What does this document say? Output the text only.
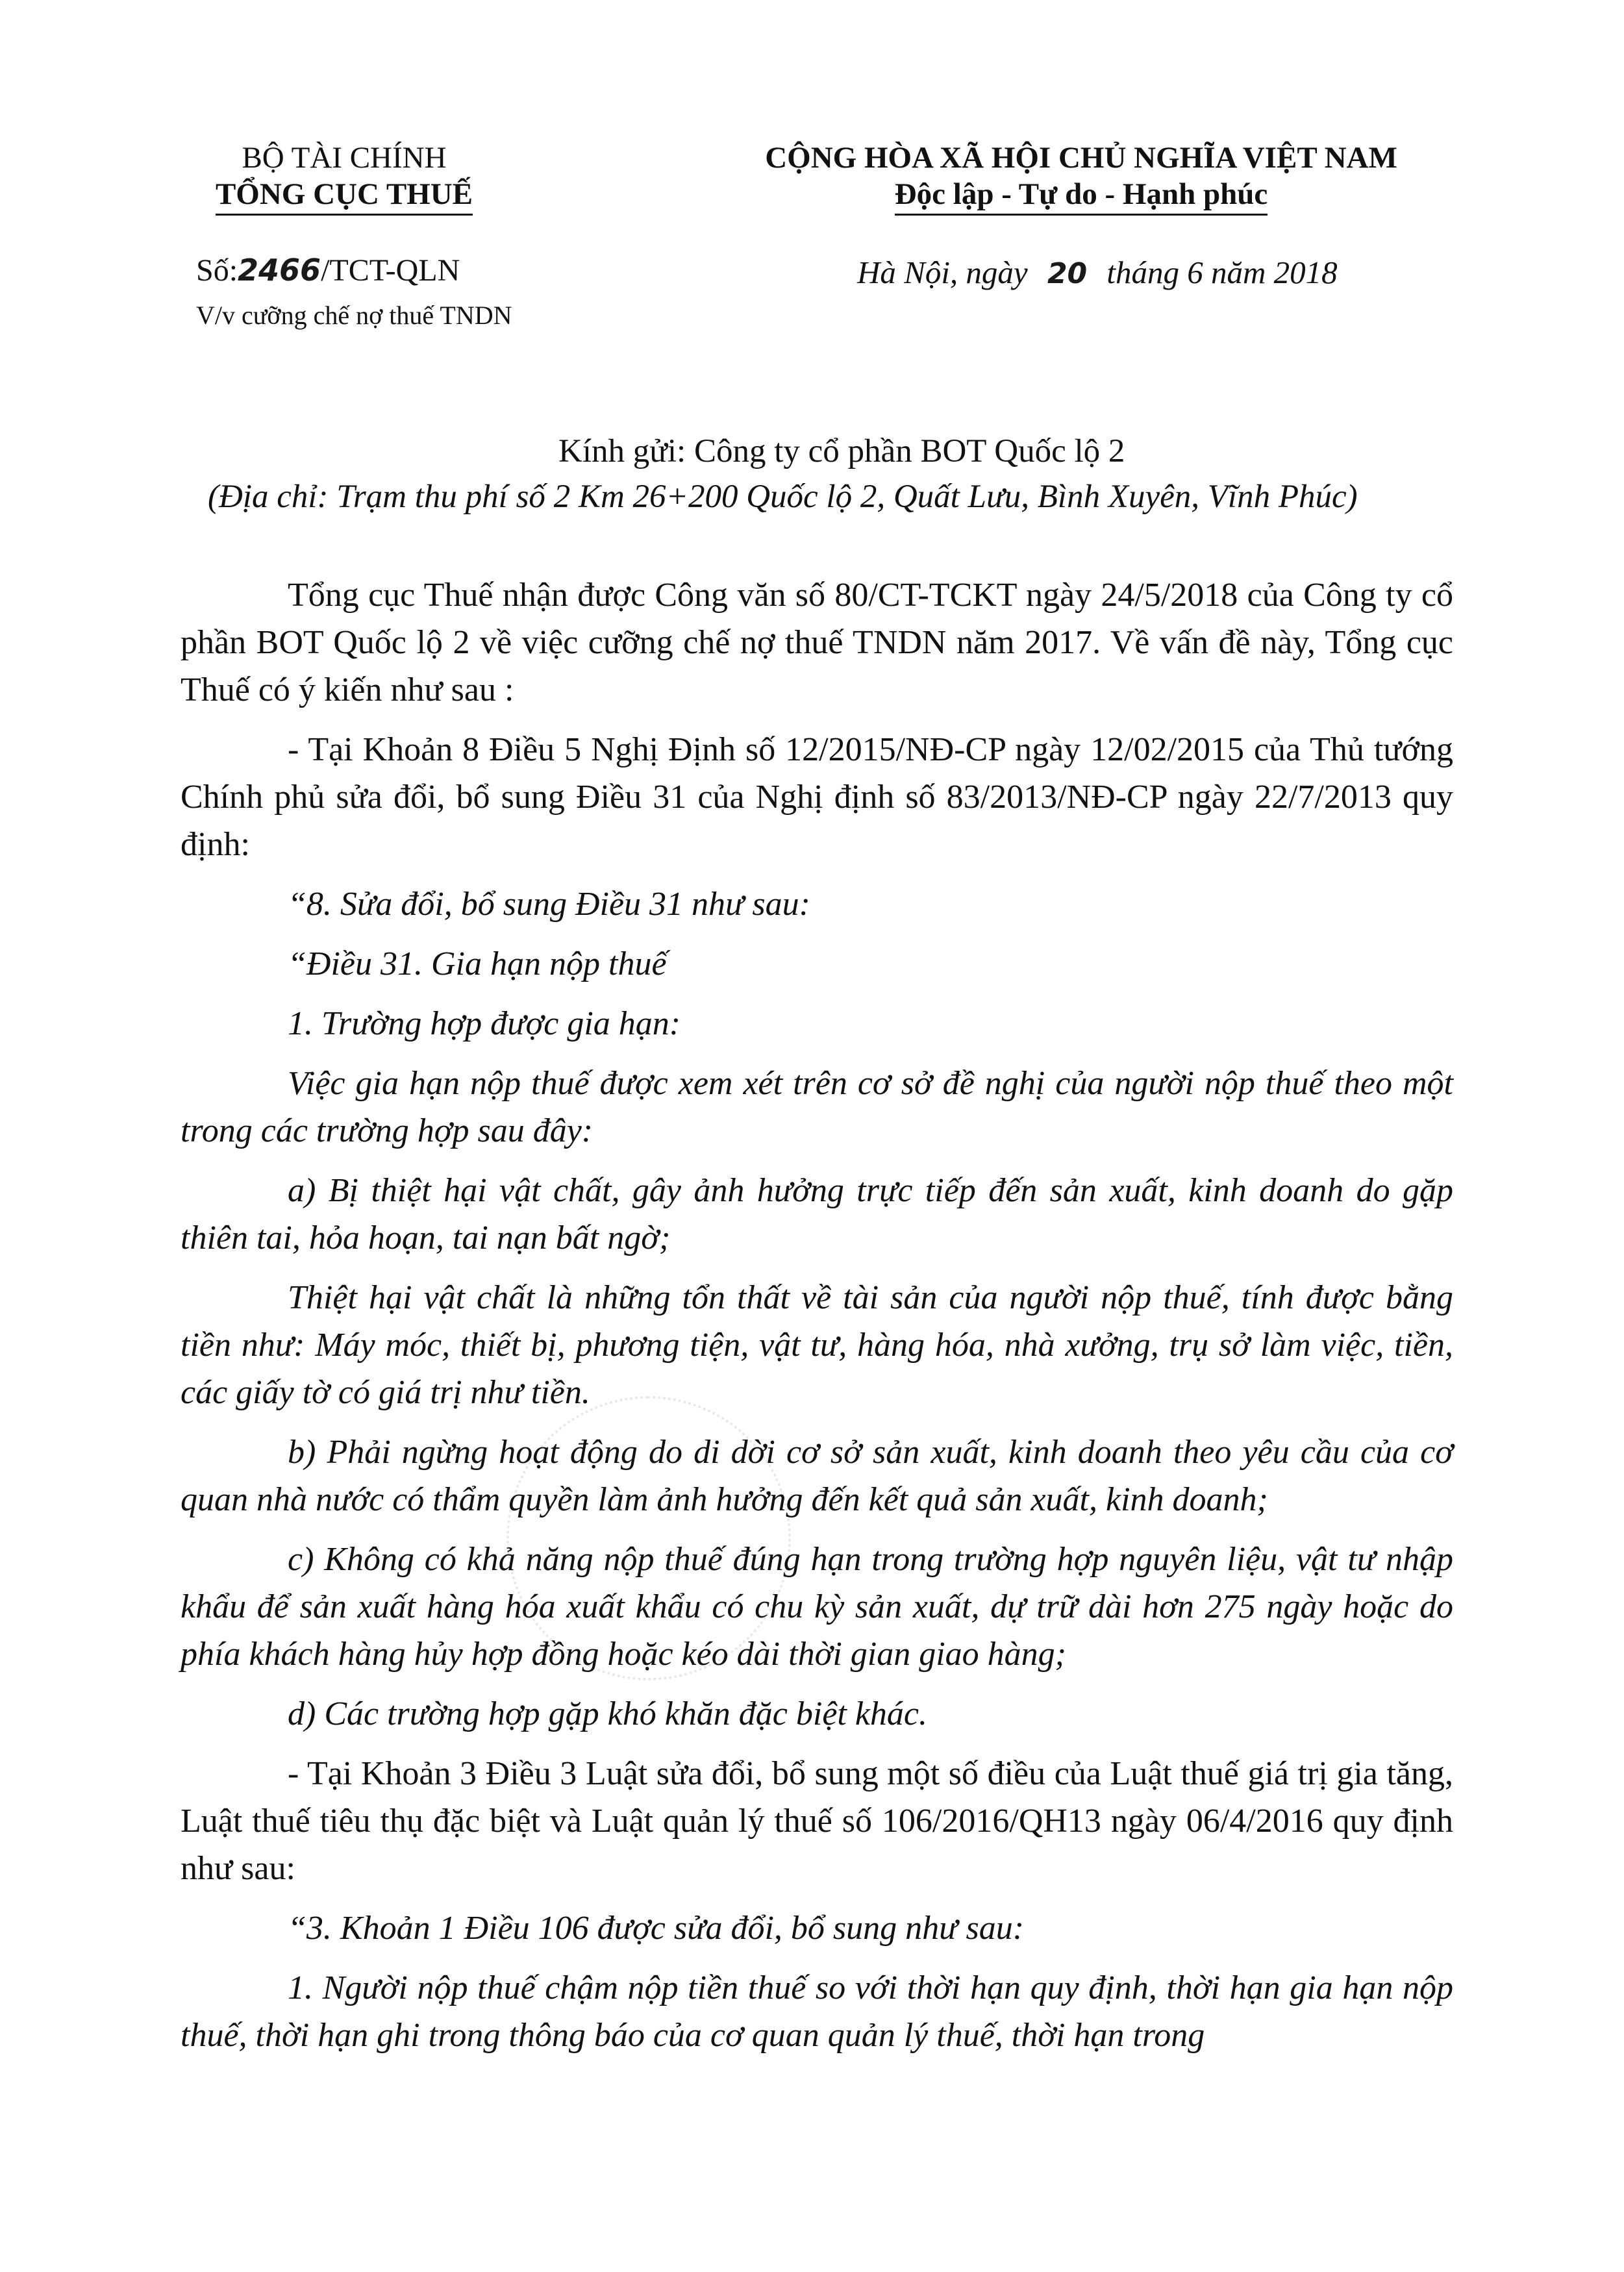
BỘ TÀI CHÍNH
TỔNG CỤC THUẾ
CỘNG HÒA XÃ HỘI CHỦ NGHĨA VIỆT NAM
Độc lập - Tự do - Hạnh phúc
Số:2466/TCT-QLN
V/v cưỡng chế nợ thuế TNDN
Hà Nội, ngày 20 tháng 6 năm 2018
Kính gửi: Công ty cổ phần BOT Quốc lộ 2
(Địa chỉ: Trạm thu phí số 2 Km 26+200 Quốc lộ 2, Quất Lưu, Bình Xuyên, Vĩnh Phúc)

Tổng cục Thuế nhận được Công văn số 80/CT-TCKT ngày 24/5/2018 của Công ty cổ phần BOT Quốc lộ 2 về việc cưỡng chế nợ thuế TNDN năm 2017. Về vấn đề này, Tổng cục Thuế có ý kiến như sau :

- Tại Khoản 8 Điều 5 Nghị Định số 12/2015/NĐ-CP ngày 12/02/2015 của Thủ tướng Chính phủ sửa đổi, bổ sung Điều 31 của Nghị định số 83/2013/NĐ-CP ngày 22/7/2013 quy định:

“8. Sửa đổi, bổ sung Điều 31 như sau:

“Điều 31. Gia hạn nộp thuế

1. Trường hợp được gia hạn:

Việc gia hạn nộp thuế được xem xét trên cơ sở đề nghị của người nộp thuế theo một trong các trường hợp sau đây:

a) Bị thiệt hại vật chất, gây ảnh hưởng trực tiếp đến sản xuất, kinh doanh do gặp thiên tai, hỏa hoạn, tai nạn bất ngờ;

Thiệt hại vật chất là những tổn thất về tài sản của người nộp thuế, tính được bằng tiền như: Máy móc, thiết bị, phương tiện, vật tư, hàng hóa, nhà xưởng, trụ sở làm việc, tiền, các giấy tờ có giá trị như tiền.

b) Phải ngừng hoạt động do di dời cơ sở sản xuất, kinh doanh theo yêu cầu của cơ quan nhà nước có thẩm quyền làm ảnh hưởng đến kết quả sản xuất, kinh doanh;

c) Không có khả năng nộp thuế đúng hạn trong trường hợp nguyên liệu, vật tư nhập khẩu để sản xuất hàng hóa xuất khẩu có chu kỳ sản xuất, dự trữ dài hơn 275 ngày hoặc do phía khách hàng hủy hợp đồng hoặc kéo dài thời gian giao hàng;

d) Các trường hợp gặp khó khăn đặc biệt khác.

- Tại Khoản 3 Điều 3 Luật sửa đổi, bổ sung một số điều của Luật thuế giá trị gia tăng, Luật thuế tiêu thụ đặc biệt và Luật quản lý thuế số 106/2016/QH13 ngày 06/4/2016 quy định như sau:

“3. Khoản 1 Điều 106 được sửa đổi, bổ sung như sau:

1. Người nộp thuế chậm nộp tiền thuế so với thời hạn quy định, thời hạn gia hạn nộp thuế, thời hạn ghi trong thông báo của cơ quan quản lý thuế, thời hạn trong
